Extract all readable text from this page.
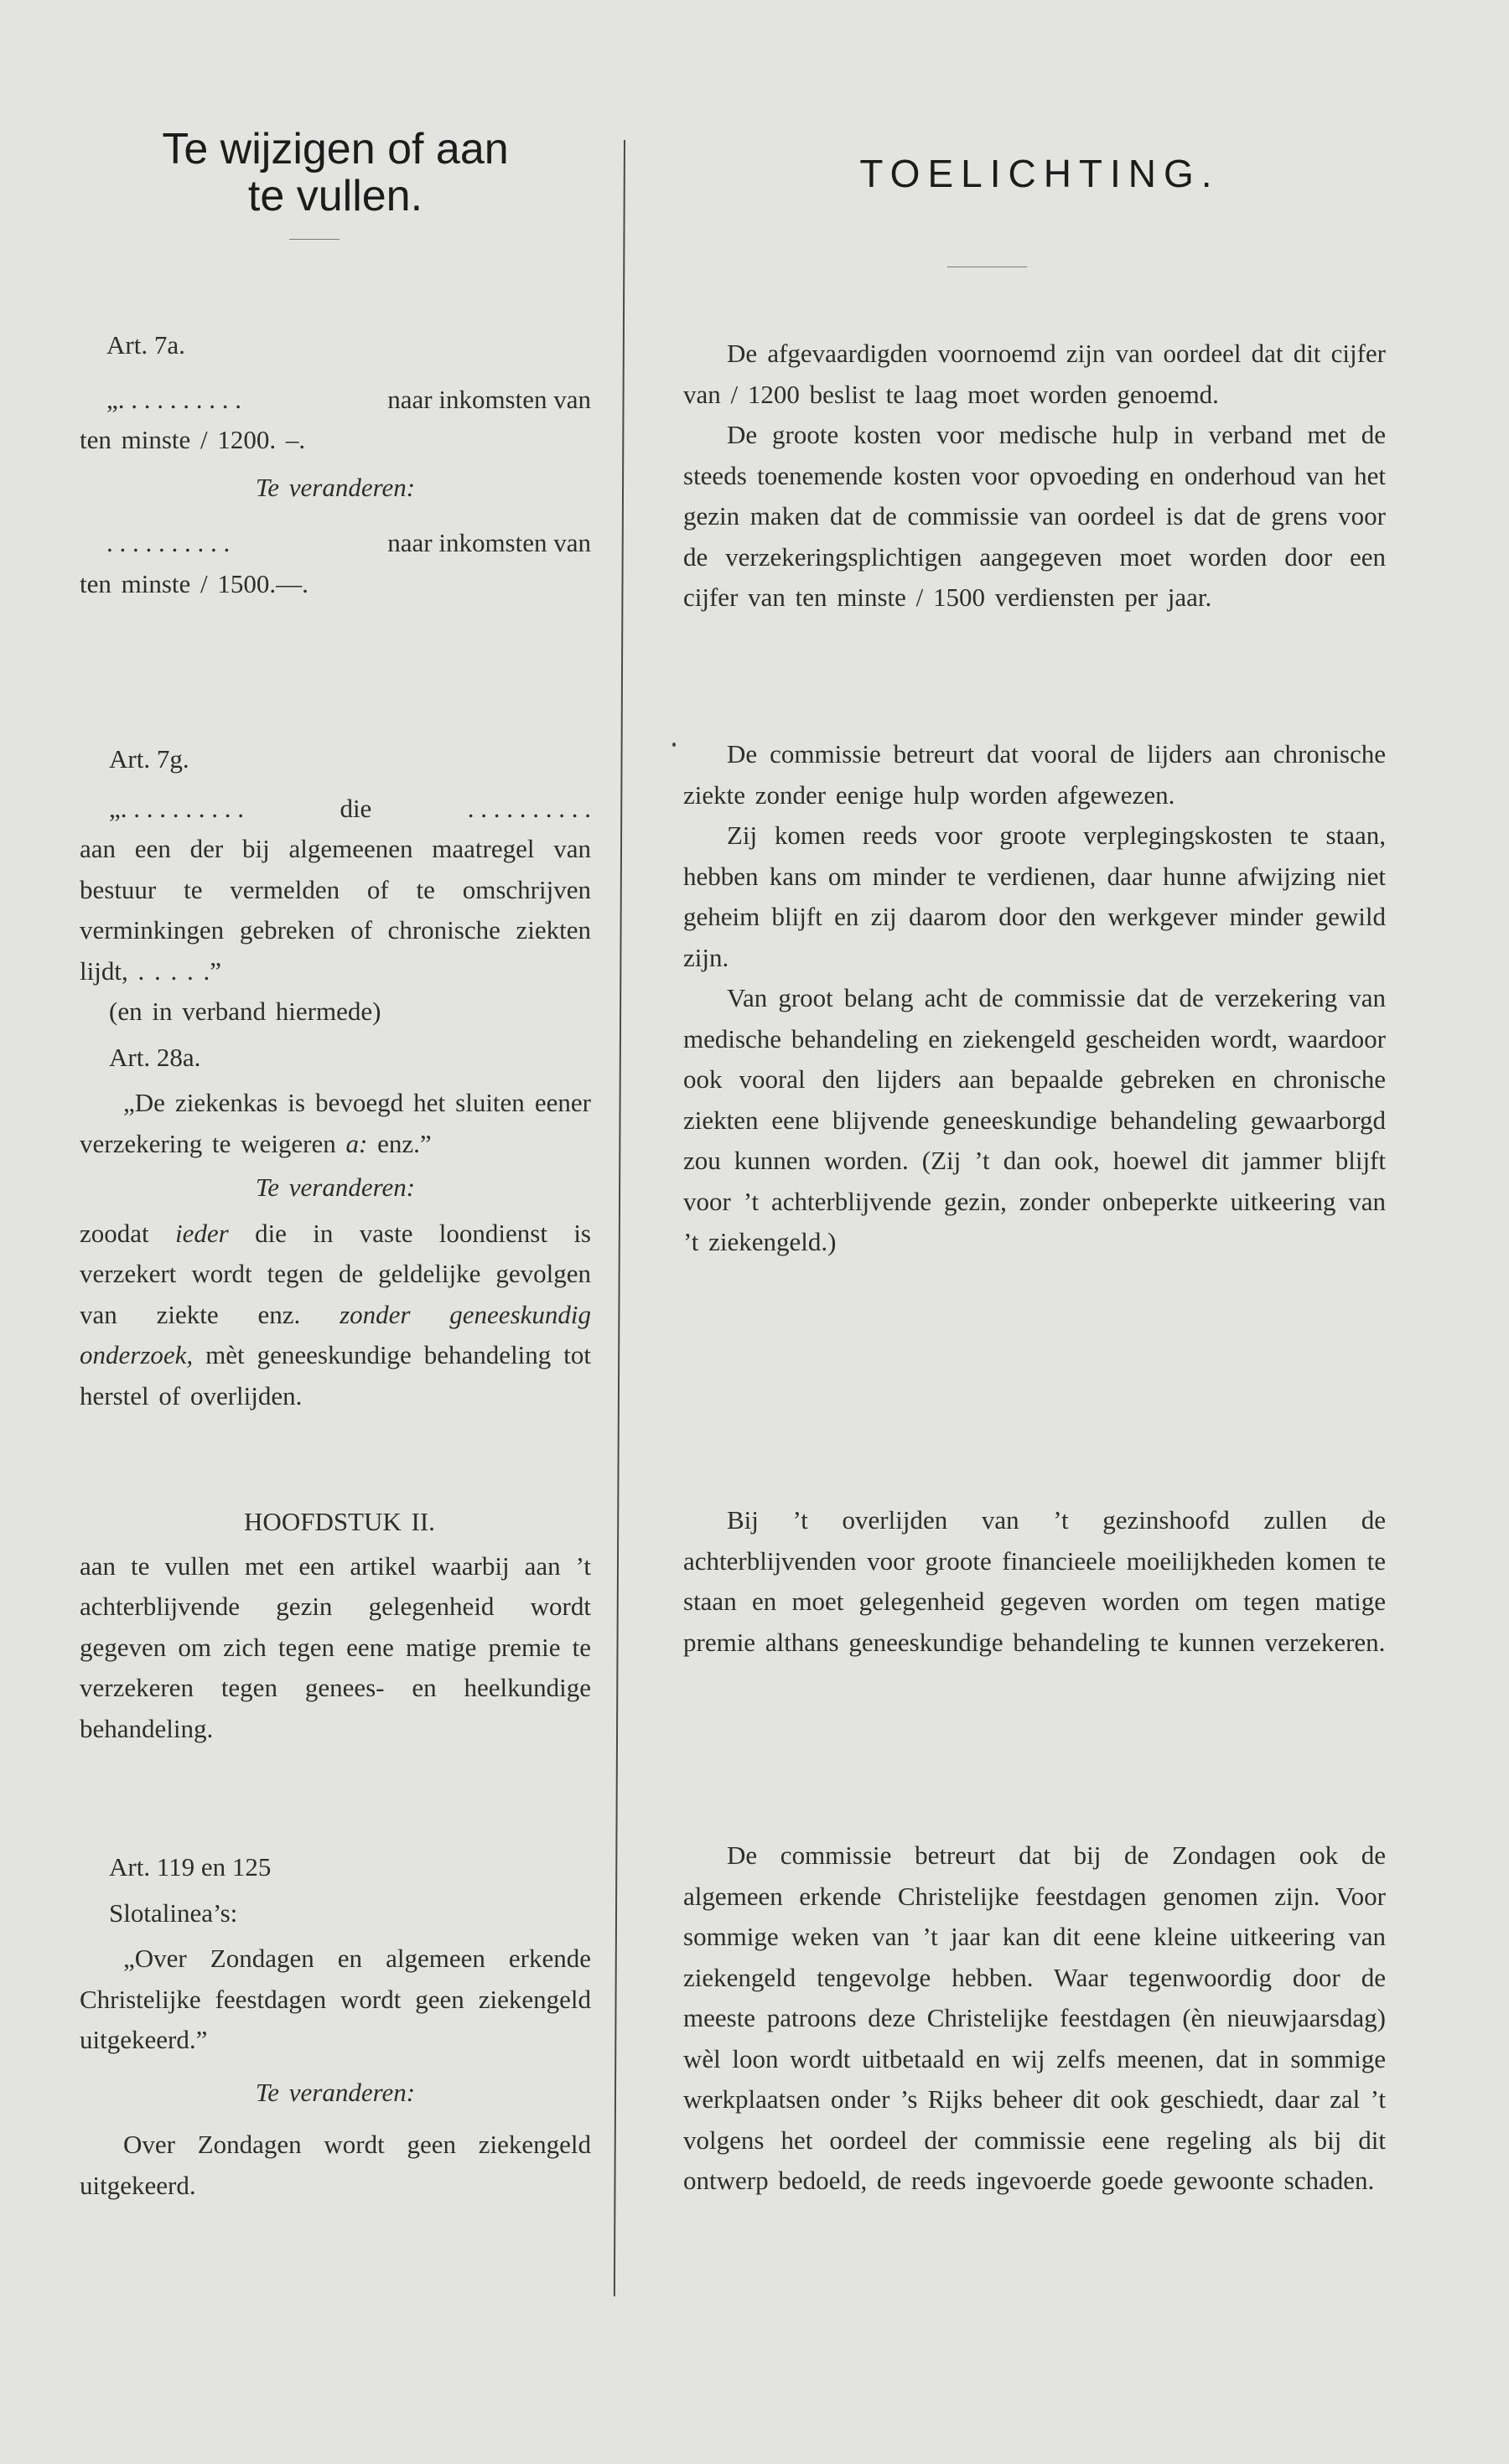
Te wijzigen of aan
te vullen.	TOELICHTING.

Art. 7a.

„. . . . . . . . . .	naar inkomsten van

ten minste / 1200. –.

Te veranderen:

. . . . . . . . . .	naar inkomsten van

ten minste / 1500.—.

De afgevaardigden voornoemd zijn van oordeel dat dit cijfer van / 1200 beslist te laag moet worden genoemd.

De groote kosten voor medische hulp in verband met de steeds toenemende kosten voor opvoeding en onderhoud van het gezin maken dat de commissie van oordeel is dat de grens voor de verzekeringsplichtigen aangegeven moet worden door een cijfer van ten minste / 1500 verdiensten per jaar.

Art. 7g.

„. . . . . . . . . .	die	. . . . . . . . . .

aan een der bij algemeenen maatregel van bestuur te vermelden of te omschrijven verminkingen gebreken of chronische ziekten lijdt, . . . . .”

(en in verband hiermede)

Art. 28a.

„De ziekenkas is bevoegd het sluiten eener verzekering te weigeren a: enz.”

Te veranderen:

zoodat ieder die in vaste loondienst is verzekert wordt tegen de geldelijke gevolgen van ziekte enz. zonder geneeskundig onderzoek, mèt geneeskundige behandeling tot herstel of overlijden.

De commissie betreurt dat vooral de lijders aan chronische ziekte zonder eenige hulp worden afgewezen.

Zij komen reeds voor groote verplegingskosten te staan, hebben kans om minder te verdienen, daar hunne afwijzing niet geheim blijft en zij daarom door den werkgever minder gewild zijn.

Van groot belang acht de commissie dat de verzekering van medische behandeling en ziekengeld gescheiden wordt, waardoor ook vooral den lijders aan bepaalde gebreken en chronische ziekten eene blijvende geneeskundige behandeling gewaarborgd zou kunnen worden. (Zij ’t dan ook, hoewel dit jammer blijft voor ’t achterblijvende gezin, zonder onbeperkte uitkeering van ’t ziekengeld.)

HOOFDSTUK II.

aan te vullen met een artikel waarbij aan ’t achterblijvende gezin gelegenheid wordt gegeven om zich tegen eene matige premie te verzekeren tegen genees- en heelkundige behandeling.

Bij ’t overlijden van ’t gezinshoofd zullen de achterblijvenden voor groote financieele moeilijkheden komen te staan en moet gelegenheid gegeven worden om tegen matige premie althans geneeskundige behandeling te kunnen verzekeren.

Art. 119 en 125

Slotalinea’s:

„Over Zondagen en algemeen erkende Christelijke feestdagen wordt geen ziekengeld uitgekeerd.”

Te veranderen:

Over Zondagen wordt geen ziekengeld uitgekeerd.

De commissie betreurt dat bij de Zondagen ook de algemeen erkende Christelijke feestdagen genomen zijn. Voor sommige weken van ’t jaar kan dit eene kleine uitkeering van ziekengeld tengevolge hebben. Waar tegenwoordig door de meeste patroons deze Christelijke feestdagen (èn nieuwjaarsdag) wèl loon wordt uitbetaald en wij zelfs meenen, dat in sommige werkplaatsen onder ’s Rijks beheer dit ook geschiedt, daar zal ’t volgens het oordeel der commissie eene regeling als bij dit ontwerp bedoeld, de reeds ingevoerde goede gewoonte schaden.
